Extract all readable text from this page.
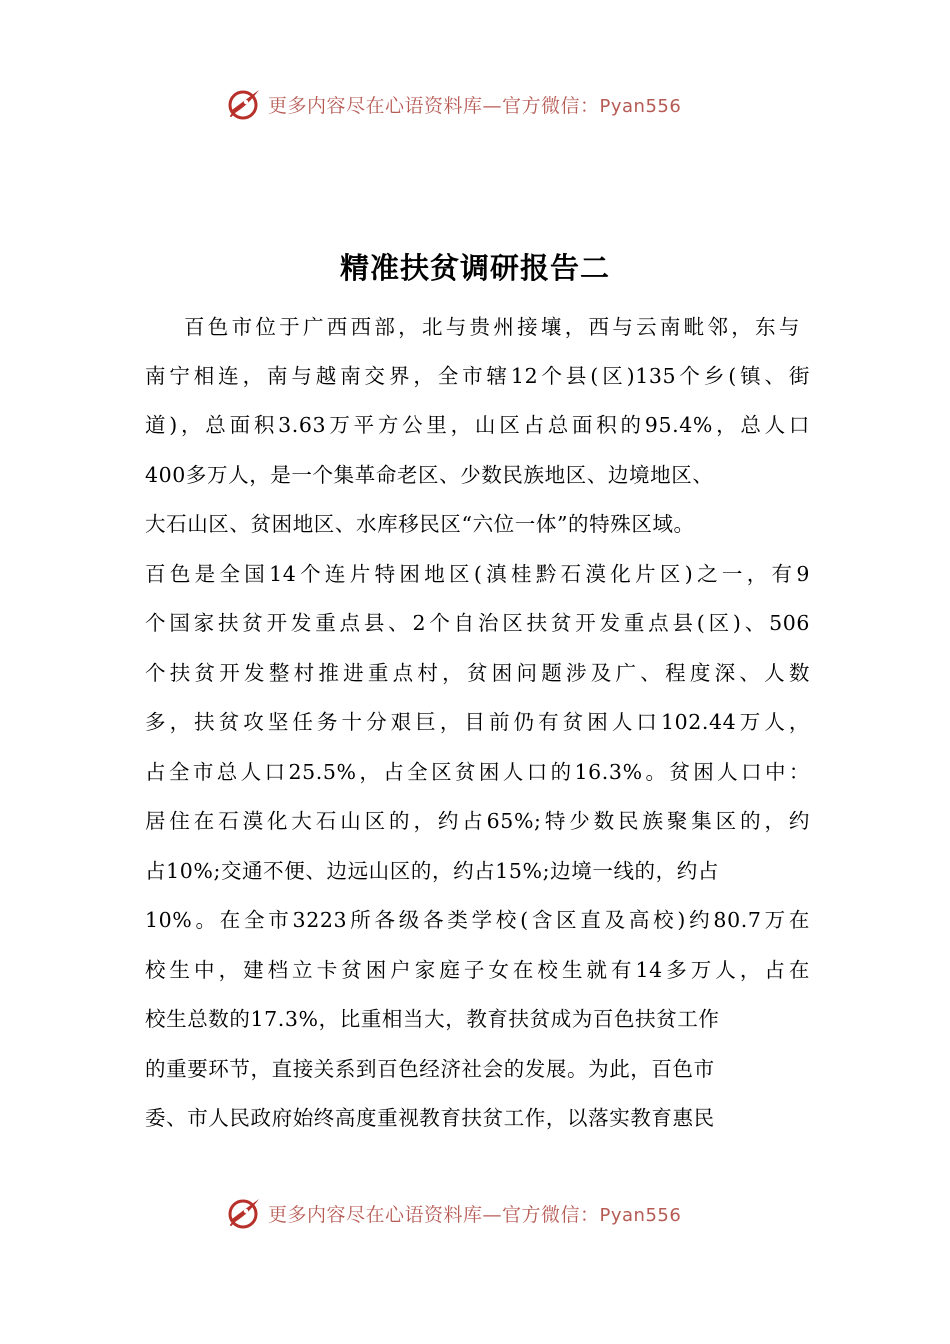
更多内容尽在心语资料库—官方微信：Pyan556
精准扶贫调研报告二
百色市位于广西西部，北与贵州接壤，西与云南毗邻，东与
南宁相连，南与越南交界，全市辖12个县(区)135个乡(镇、街
道)，总面积3.63万平方公里，山区占总面积的95.4%，总人口
400多万人，是一个集革命老区、少数民族地区、边境地区、
大石山区、贫困地区、水库移民区“六位一体”的特殊区域。
百色是全国14个连片特困地区(滇桂黔石漠化片区)之一，有9
个国家扶贫开发重点县、2个自治区扶贫开发重点县(区)、506
个扶贫开发整村推进重点村，贫困问题涉及广、程度深、人数
多，扶贫攻坚任务十分艰巨，目前仍有贫困人口102.44万人，
占全市总人口25.5%，占全区贫困人口的16.3%。贫困人口中：
居住在石漠化大石山区的，约占65%;特少数民族聚集区的，约
占10%;交通不便、边远山区的，约占15%;边境一线的，约占
10%。在全市3223所各级各类学校(含区直及高校)约80.7万在
校生中，建档立卡贫困户家庭子女在校生就有14多万人，占在
校生总数的17.3%，比重相当大，教育扶贫成为百色扶贫工作
的重要环节，直接关系到百色经济社会的发展。为此，百色市
委、市人民政府始终高度重视教育扶贫工作，以落实教育惠民
更多内容尽在心语资料库—官方微信：Pyan556
